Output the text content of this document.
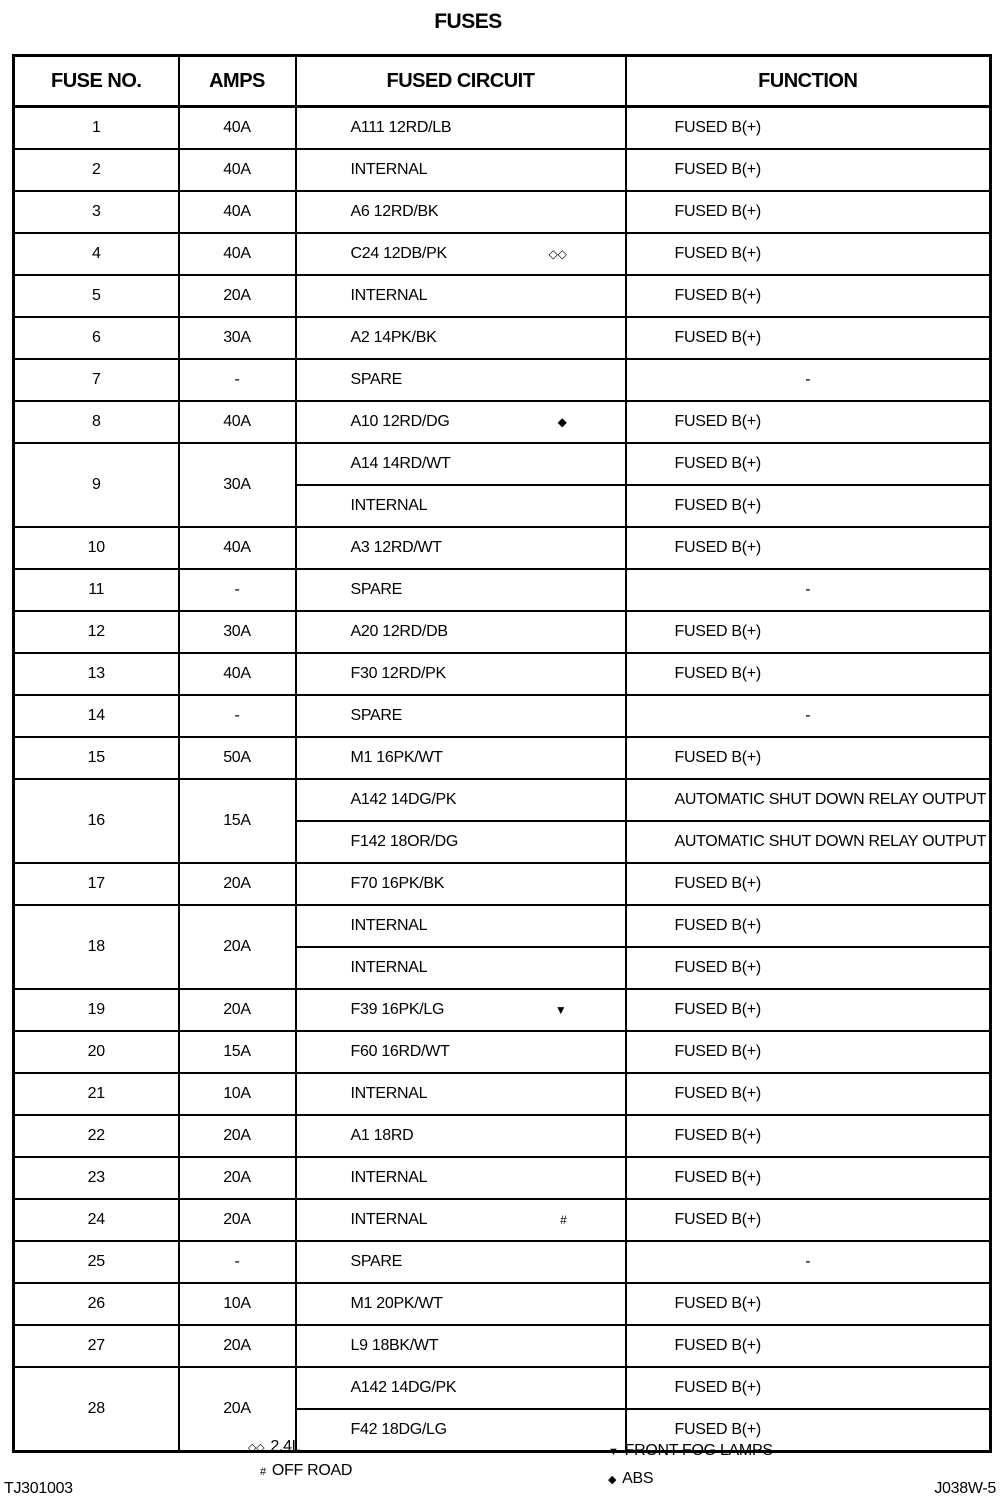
FUSES
FUSE NO.	AMPS	FUSED CIRCUIT	FUNCTION
1	40A	A111 12RD/LB	FUSED B(+)
2	40A	INTERNAL	FUSED B(+)
3	40A	A6 12RD/BK	FUSED B(+)
4	40A	C24 12DB/PK ◇◇	FUSED B(+)
5	20A	INTERNAL	FUSED B(+)
6	30A	A2 14PK/BK	FUSED B(+)
7	-	SPARE	-
8	40A	A10 12RD/DG ◆	FUSED B(+)
9	30A	A14 14RD/WT	FUSED B(+)
		INTERNAL	FUSED B(+)
10	40A	A3 12RD/WT	FUSED B(+)
11	-	SPARE	-
12	30A	A20 12RD/DB	FUSED B(+)
13	40A	F30 12RD/PK	FUSED B(+)
14	-	SPARE	-
15	50A	M1 16PK/WT	FUSED B(+)
16	15A	A142 14DG/PK	AUTOMATIC SHUT DOWN RELAY OUTPUT
		F142 18OR/DG	AUTOMATIC SHUT DOWN RELAY OUTPUT
17	20A	F70 16PK/BK	FUSED B(+)
18	20A	INTERNAL	FUSED B(+)
		INTERNAL	FUSED B(+)
19	20A	F39 16PK/LG ▼	FUSED B(+)
20	15A	F60 16RD/WT	FUSED B(+)
21	10A	INTERNAL	FUSED B(+)
22	20A	A1 18RD	FUSED B(+)
23	20A	INTERNAL	FUSED B(+)
24	20A	INTERNAL #	FUSED B(+)
25	-	SPARE	-
26	10A	M1 20PK/WT	FUSED B(+)
27	20A	L9 18BK/WT	FUSED B(+)
28	20A	A142 14DG/PK	FUSED B(+)
		F42 18DG/LG	FUSED B(+)
◇◇ 2.4L
# OFF ROAD
▼ FRONT FOG LAMPS
◆ ABS
TJ301003	J038W-5
